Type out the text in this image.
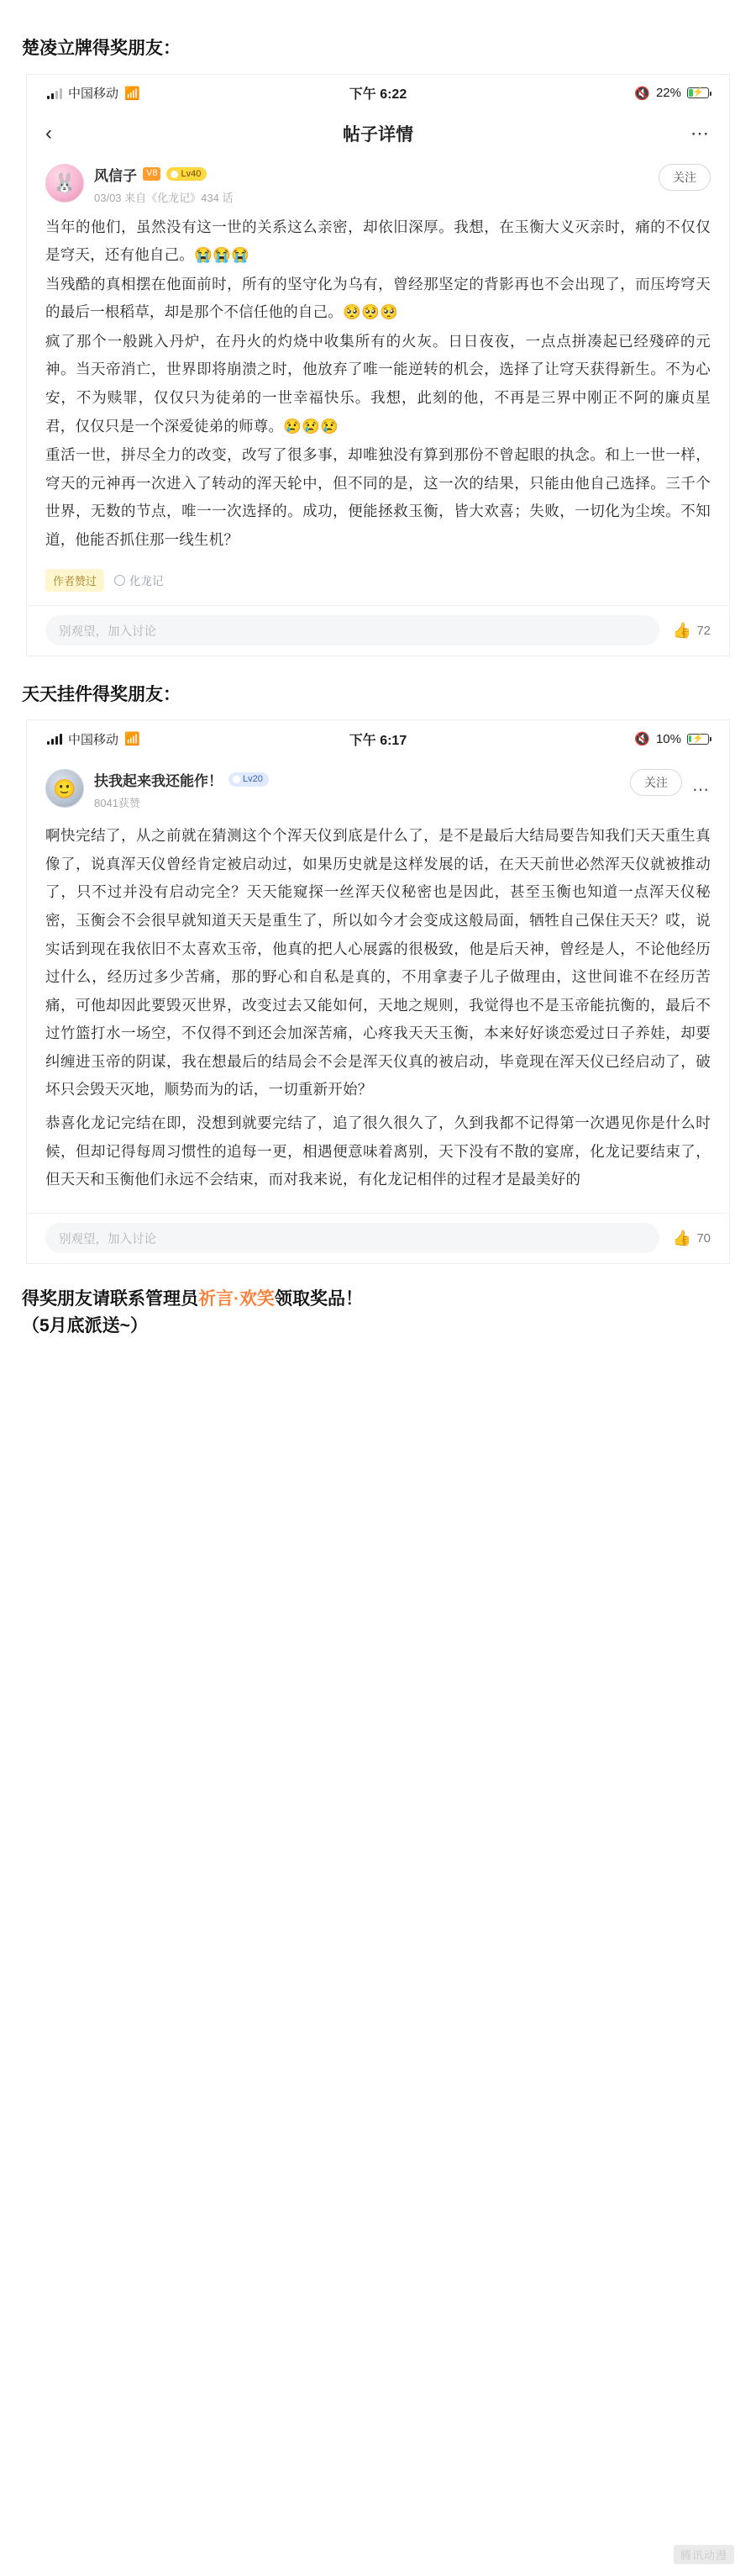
楚凌立牌得奖朋友：
中国移动 📶	下午 6:22	🔇 22%	⚡
‹	帖子详情	⋯
🐰 风信子	V8	Lv40
03/03 来自《化龙记》434 话
关注

当年的他们，虽然没有这一世的关系这么亲密，却依旧深厚。我想，在玉衡大义灭亲时，痛的不仅仅是穹天，还有他自己。😭😭😭

当残酷的真相摆在他面前时，所有的坚守化为乌有，曾经那坚定的背影再也不会出现了，而压垮穹天的最后一根稻草，却是那个不信任他的自己。🥺🥺🥺

疯了那个一般跳入丹炉，在丹火的灼烧中收集所有的火灰。日日夜夜，一点点拼凑起已经殘碎的元神。当天帝消亡，世界即将崩溃之时，他放弃了唯一能逆转的机会，选择了让穹天获得新生。不为心安，不为赎罪，仅仅只为徒弟的一世幸福快乐。我想，此刻的他，不再是三界中刚正不阿的廉贞星君，仅仅只是一个深爱徒弟的师尊。😢😢😢

重活一世，拼尽全力的改变，改写了很多事，却唯独没有算到那份不曾起眼的执念。和上一世一样，穹天的元神再一次进入了转动的浑天轮中，但不同的是，这一次的结果，只能由他自己选择。三千个世界，无数的节点，唯一一次选择的。成功，便能拯救玉衡，皆大欢喜；失败，一切化为尘埃。不知道，他能否抓住那一线生机？

作者赞过	化龙记
别观望，加入讨论	👍 72
天天挂件得奖朋友：
中国移动 📶	下午 6:17	🔇 10%	⚡
🙂 扶我起来我还能作！ Lv20
8041获赞
关注	⋯

啊快完结了，从之前就在猜测这个个浑天仪到底是什么了，是不是最后大结局要告知我们天天重生真像了，说真浑天仪曾经肯定被启动过，如果历史就是这样发展的话，在天天前世必然浑天仪就被推动了，只不过并没有启动完全？天天能窥探一丝浑天仪秘密也是因此，甚至玉衡也知道一点浑天仪秘密，玉衡会不会很早就知道天天是重生了，所以如今才会变成这般局面，牺牲自己保住天天？哎，说实话到现在我依旧不太喜欢玉帝，他真的把人心展露的很极致，他是后天神，曾经是人，不论他经历过什么，经历过多少苦痛，那的野心和自私是真的，不用拿妻子儿子做理由，这世间谁不在经历苦痛，可他却因此要毁灭世界，改变过去又能如何，天地之规则，我觉得也不是玉帝能抗衡的，最后不过竹篮打水一场空，不仅得不到还会加深苦痛，心疼我天天玉衡，本来好好谈恋爱过日子养娃，却要纠缠进玉帝的阴谋，我在想最后的结局会不会是浑天仪真的被启动，毕竟现在浑天仪已经启动了，破坏只会毁天灭地，顺势而为的话，一切重新开始？

恭喜化龙记完结在即，没想到就要完结了，追了很久很久了，久到我都不记得第一次遇见你是什么时候，但却记得每周习惯性的追每一更，相遇便意味着离别，天下没有不散的宴席，化龙记要结束了，但天天和玉衡他们永远不会结束，而对我来说，有化龙记相伴的过程才是最美好的

别观望，加入讨论	👍 70
得奖朋友请联系管理员祈言·欢笑领取奖品！
（5月底派送~）
腾讯动漫
